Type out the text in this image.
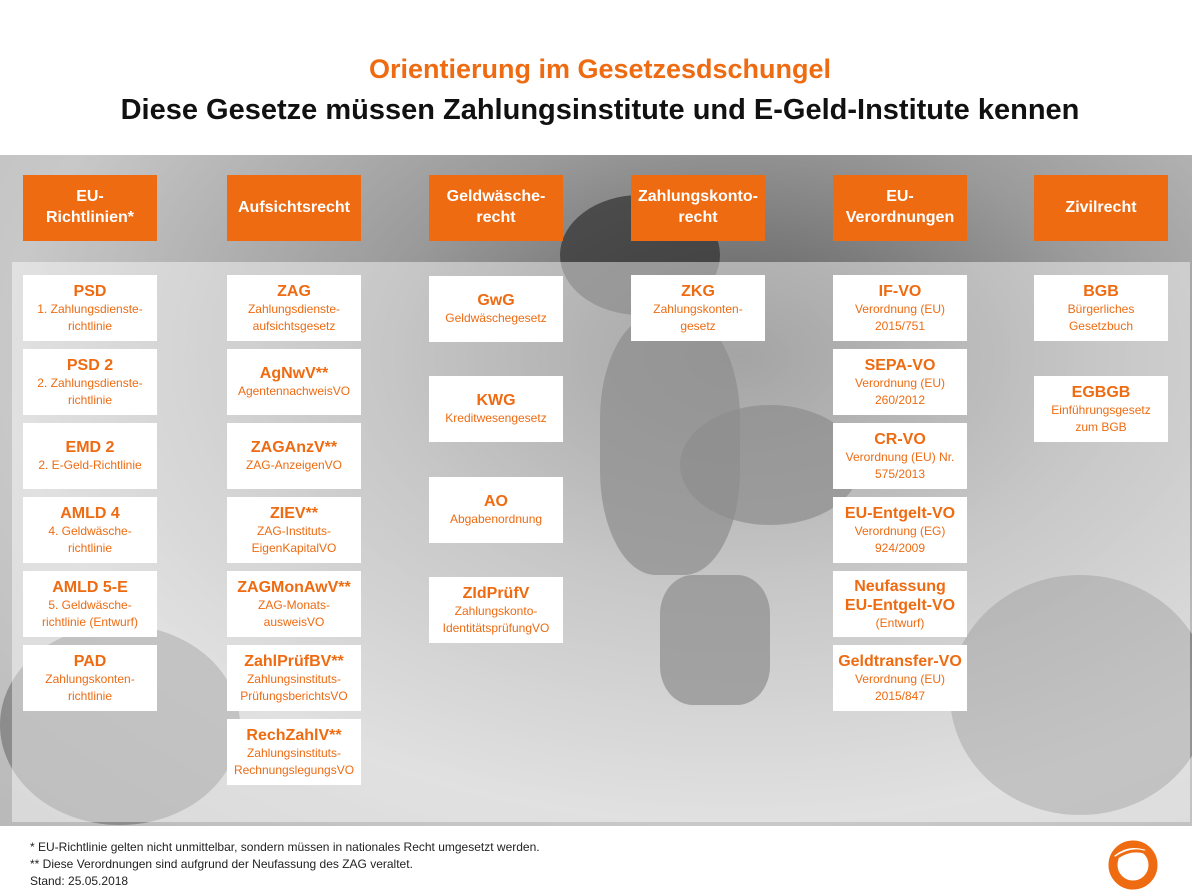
Orientierung im Gesetzesdschungel
Diese Gesetze müssen Zahlungsinstitute und E-Geld-Institute kennen
EU-
Richtlinien*
Aufsichtsrecht
Geldwäsche-
recht
Zahlungskonto-
recht
EU-
Verordnungen
Zivilrecht
PSD
1. Zahlungsdienste-
richtlinie
PSD 2
2. Zahlungsdienste-
richtlinie
EMD 2
2. E-Geld-Richtlinie
AMLD 4
4. Geldwäsche-
richtlinie
AMLD 5-E
5. Geldwäsche-
richtlinie (Entwurf)
PAD
Zahlungskonten-
richtlinie
ZAG
Zahlungsdienste-
aufsichtsgesetz
AgNwV**
AgentennachweisVO
ZAGAnzV**
ZAG-AnzeigenVO
ZIEV**
ZAG-Instituts-
EigenKapitalVO
ZAGMonAwV**
ZAG-Monats-
ausweisVO
ZahlPrüfBV**
Zahlungsinstituts-
PrüfungsberichtsVO
RechZahlV**
Zahlungsinstituts-
RechnungslegungsVO
GwG
Geldwäschegesetz
KWG
Kreditwesengesetz
AO
Abgabenordnung
ZIdPrüfV
Zahlungskonto-
IdentitätsprüfungVO
ZKG
Zahlungskonten-
gesetz
IF-VO
Verordnung (EU)
2015/751
SEPA-VO
Verordnung (EU)
260/2012
CR-VO
Verordnung (EU) Nr.
575/2013
EU-Entgelt-VO
Verordnung (EG)
924/2009
Neufassung
EU-Entgelt-VO
(Entwurf)
Geldtransfer-VO
Verordnung (EU)
2015/847
BGB
Bürgerliches
Gesetzbuch
EGBGB
Einführungsgesetz
zum BGB
* EU-Richtlinie gelten nicht unmittelbar, sondern müssen in nationales Recht umgesetzt werden.
** Diese Verordnungen sind aufgrund der Neufassung des ZAG veraltet.
Stand: 25.05.2018
